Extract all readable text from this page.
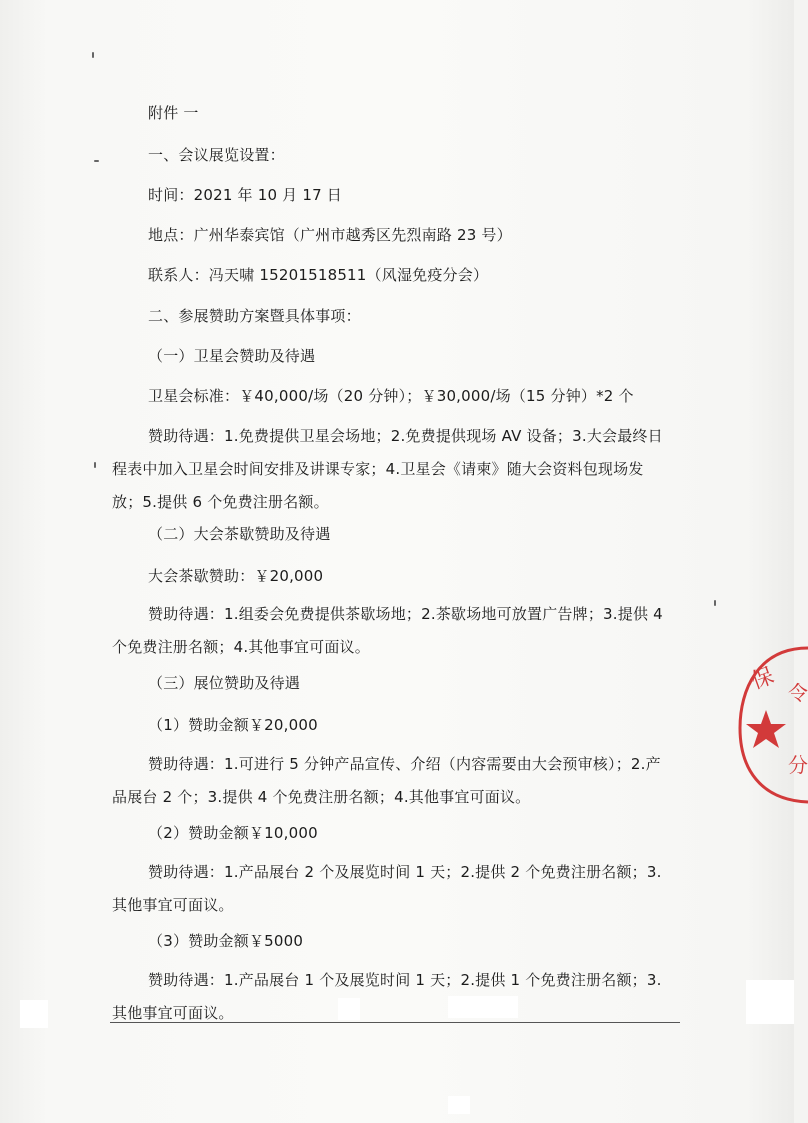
附件 一
一、会议展览设置：
时间：2021 年 10 月 17 日
地点：广州华泰宾馆（广州市越秀区先烈南路 23 号）
联系人：冯天啸 15201518511（风湿免疫分会）
二、参展赞助方案暨具体事项：
（一）卫星会赞助及待遇
卫星会标准：￥40,000/场（20 分钟）；￥30,000/场（15 分钟）*2 个
赞助待遇：1.免费提供卫星会场地；2.免费提供现场 AV 设备；3.大会最终日程表中加入卫星会时间安排及讲课专家；4.卫星会《请柬》随大会资料包现场发放；5.提供 6 个免费注册名额。
（二）大会茶歇赞助及待遇
大会茶歇赞助：￥20,000
赞助待遇：1.组委会免费提供茶歇场地；2.茶歇场地可放置广告牌；3.提供 4 个免费注册名额；4.其他事宜可面议。
（三）展位赞助及待遇
（1）赞助金额￥20,000
赞助待遇：1.可进行 5 分钟产品宣传、介绍（内容需要由大会预审核）；2.产品展台 2 个；3.提供 4 个免费注册名额；4.其他事宜可面议。
（2）赞助金额￥10,000
赞助待遇：1.产品展台 2 个及展览时间 1 天；2.提供 2 个免费注册名额；3.其他事宜可面议。
（3）赞助金额￥5000
赞助待遇：1.产品展台 1 个及展览时间 1 天；2.提供 1 个免费注册名额；3.其他事宜可面议。
保 令
分
